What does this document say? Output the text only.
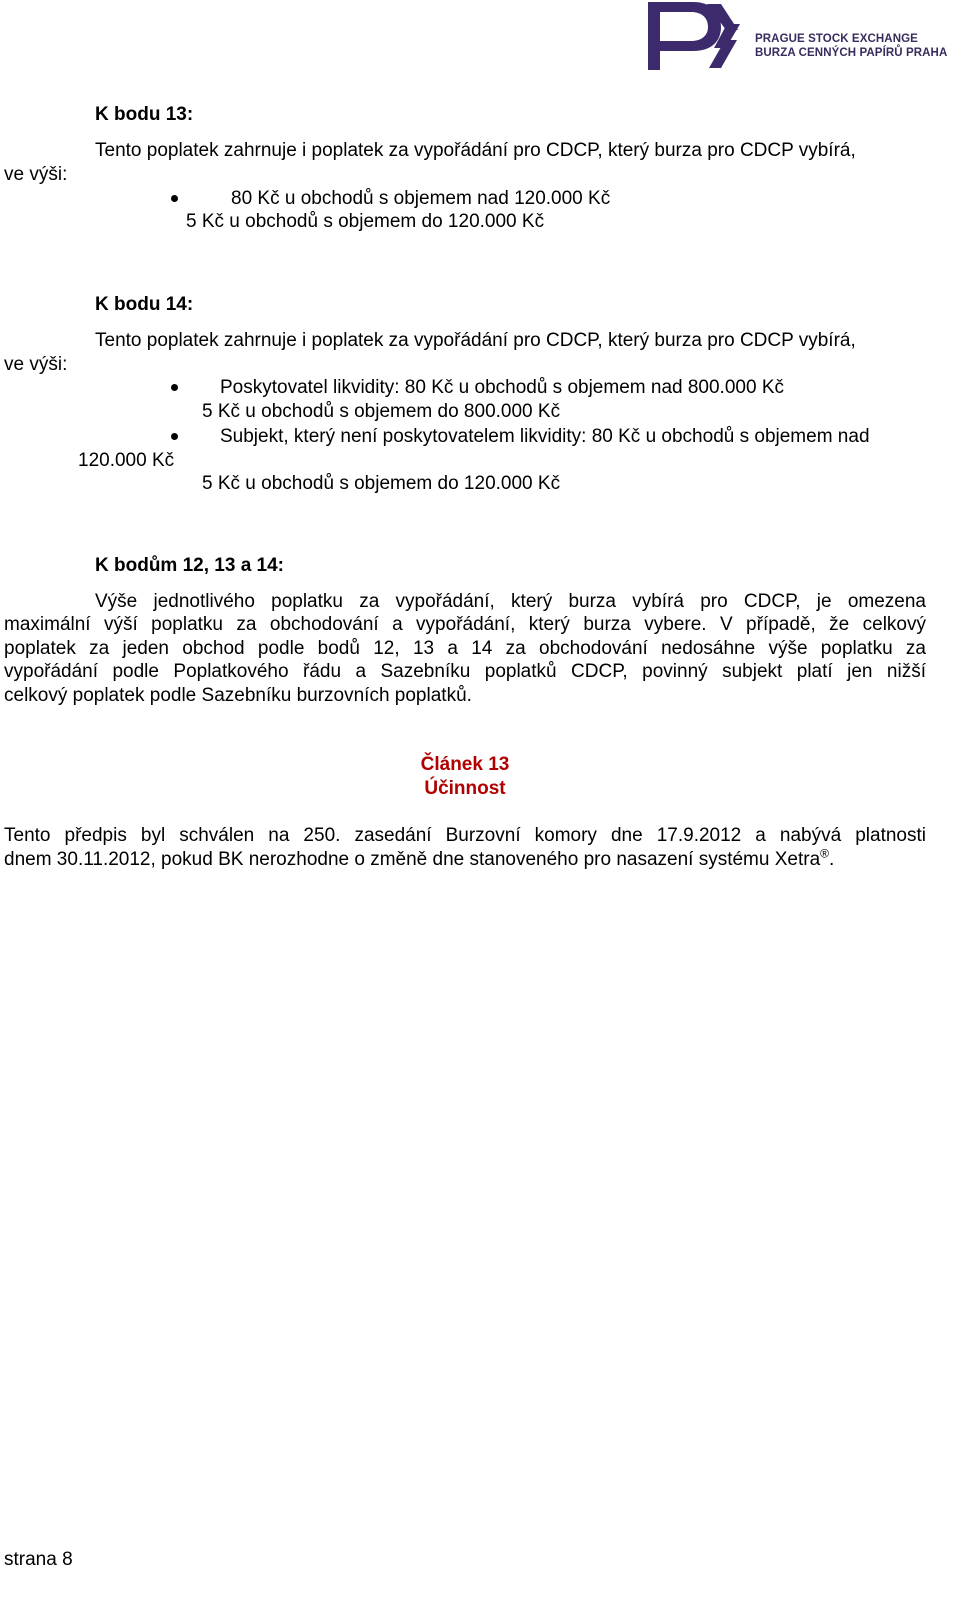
PRAGUE STOCK EXCHANGE
BURZA CENNÝCH PAPÍRŮ PRAHA
K bodu 13:
Tento poplatek zahrnuje i poplatek za vypořádání pro CDCP, který burza pro CDCP vybírá,
ve výši:
80 Kč u obchodů s objemem nad 120.000 Kč
5 Kč u obchodů s objemem do 120.000 Kč
K bodu 14:
Tento poplatek zahrnuje i poplatek za vypořádání pro CDCP, který burza pro CDCP vybírá,
ve výši:
Poskytovatel likvidity: 80 Kč u obchodů s objemem nad 800.000 Kč
5 Kč u obchodů s objemem do 800.000 Kč
Subjekt, který není poskytovatelem likvidity: 80 Kč u obchodů s objemem nad
120.000 Kč
5 Kč u obchodů s objemem do 120.000 Kč
K bodům 12, 13 a 14:
Výše jednotlivého poplatku za vypořádání, který burza vybírá pro CDCP, je omezena
maximální výší poplatku za obchodování a vypořádání, který burza vybere. V případě, že celkový
poplatek za jeden obchod podle bodů 12, 13 a 14 za obchodování nedosáhne výše poplatku za
vypořádání podle Poplatkového řádu a Sazebníku poplatků CDCP, povinný subjekt platí jen nižší
celkový poplatek podle Sazebníku burzovních poplatků.
Článek 13
Účinnost
Tento předpis byl schválen na 250. zasedání Burzovní komory dne 17.9.2012 a nabývá platnosti
dnem 30.11.2012, pokud BK nerozhodne o změně dne stanoveného pro nasazení systému Xetra®.
strana 8
